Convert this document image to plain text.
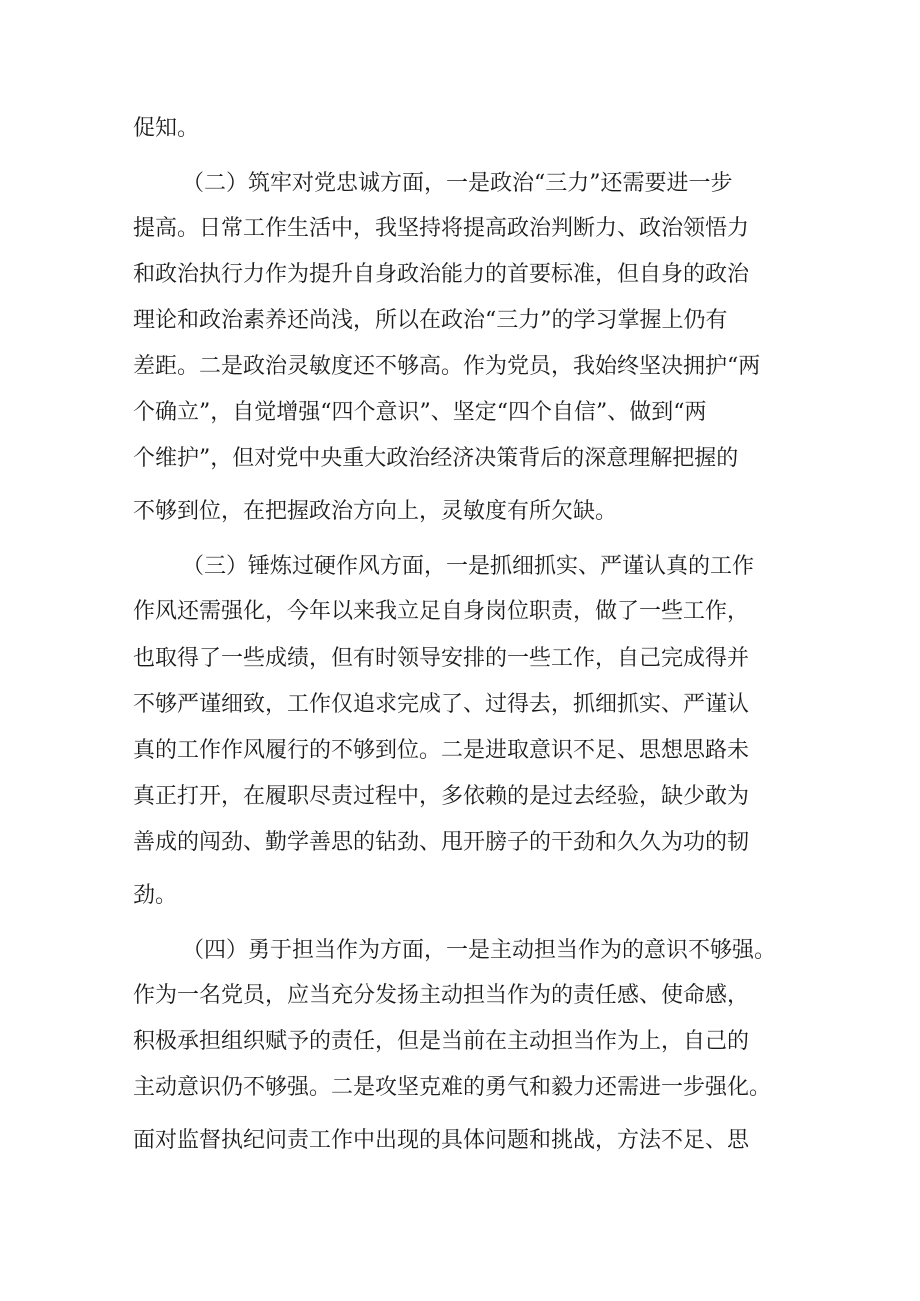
促知。
（二）筑牢对党忠诚方面，一是政治“三力”还需要进一步
提高。日常工作生活中，我坚持将提高政治判断力、政治领悟力
和政治执行力作为提升自身政治能力的首要标准，但自身的政治
理论和政治素养还尚浅，所以在政治“三力”的学习掌握上仍有
差距。二是政治灵敏度还不够高。作为党员，我始终坚决拥护“两
个确立”，自觉增强“四个意识”、坚定“四个自信”、做到“两
个维护”，但对党中央重大政治经济决策背后的深意理解把握的
不够到位，在把握政治方向上，灵敏度有所欠缺。
（三）锤炼过硬作风方面，一是抓细抓实、严谨认真的工作
作风还需强化，今年以来我立足自身岗位职责，做了一些工作，
也取得了一些成绩，但有时领导安排的一些工作，自己完成得并
不够严谨细致，工作仅追求完成了、过得去，抓细抓实、严谨认
真的工作作风履行的不够到位。二是进取意识不足、思想思路未
真正打开，在履职尽责过程中，多依赖的是过去经验，缺少敢为
善成的闯劲、勤学善思的钻劲、甩开膀子的干劲和久久为功的韧
劲。
（四）勇于担当作为方面，一是主动担当作为的意识不够强。
作为一名党员，应当充分发扬主动担当作为的责任感、使命感，
积极承担组织赋予的责任，但是当前在主动担当作为上，自己的
主动意识仍不够强。二是攻坚克难的勇气和毅力还需进一步强化。
面对监督执纪问责工作中出现的具体问题和挑战，方法不足、思
